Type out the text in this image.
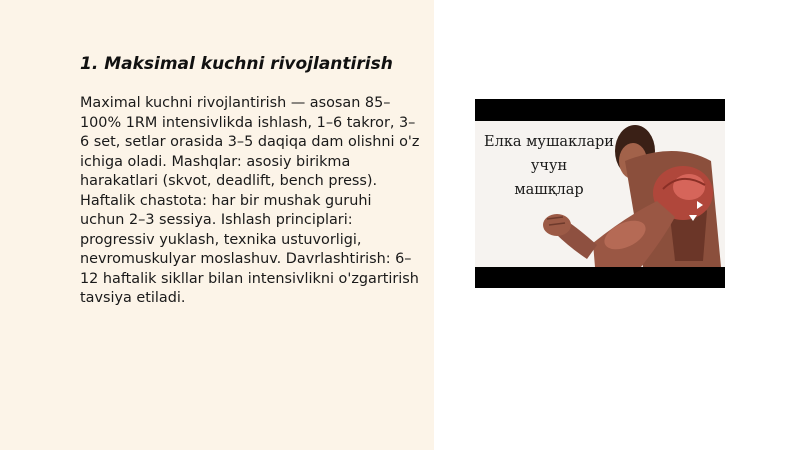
1. Maksimal kuchni rivojlantirish

Maximal kuchni rivojlantirish — asosan 85–100% 1RM intensivlikda ishlash, 1–6 takror, 3–6 set, setlar orasida 3–5 daqiqa dam olishni o'z ichiga oladi. Mashqlar: asosiy birikma harakatlari (skvot, deadlift, bench press). Haftalik chastota: har bir mushak guruhi uchun 2–3 sessiya. Ishlash principlari: progressiv yuklash, texnika ustuvorligi, nevromuskulyar moslashuv. Davrlashtirish: 6–12 haftalik sikllar bilan intensivlikni o'zgartirish tavsiya etiladi.

Елка мушаклари
учун
машқлар
